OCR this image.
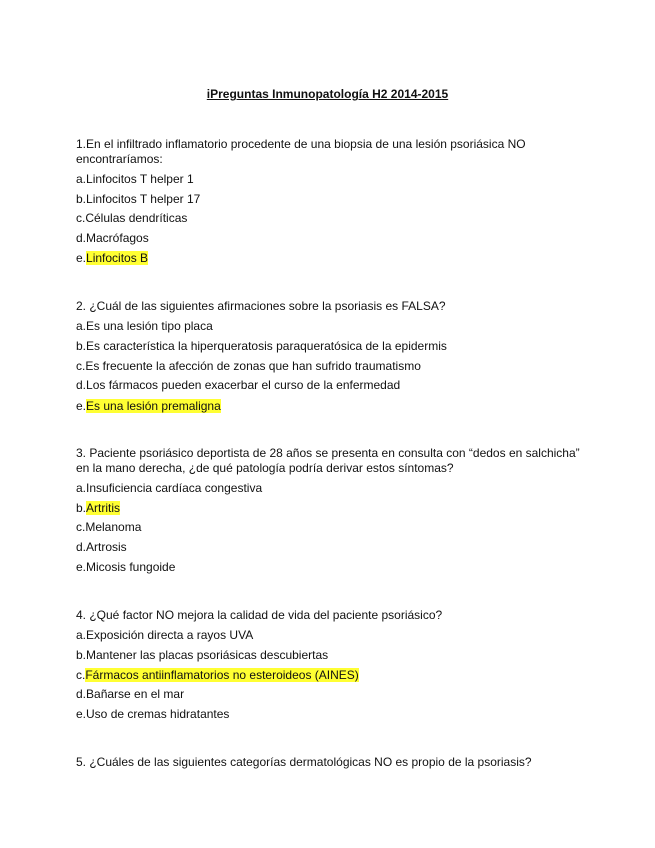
iPreguntas Inmunopatología H2 2014-2015
1.En el infiltrado inflamatorio procedente de una biopsia de una lesión psoriásica NO encontraríamos:
a.Linfocitos T helper 1
b.Linfocitos T helper 17
c.Células dendríticas
d.Macrófagos
e.Linfocitos B
2. ¿Cuál de las siguientes afirmaciones sobre la psoriasis es FALSA?
a.Es una lesión tipo placa
b.Es característica la hiperqueratosis paraqueratósica de la epidermis
c.Es frecuente la afección de zonas que han sufrido traumatismo
d.Los fármacos pueden exacerbar el curso de la enfermedad
e.Es una lesión premaligna
3. Paciente psoriásico deportista de 28 años se presenta en consulta con “dedos en salchicha” en la mano derecha, ¿de qué patología podría derivar estos síntomas?
a.Insuficiencia cardíaca congestiva
b.Artritis
c.Melanoma
d.Artrosis
e.Micosis fungoide
4. ¿Qué factor NO mejora la calidad de vida del paciente psoriásico?
a.Exposición directa a rayos UVA
b.Mantener las placas psoriásicas descubiertas
c.Fármacos antiinflamatorios no esteroideos (AINES)
d.Bañarse en el mar
e.Uso de cremas hidratantes
5. ¿Cuáles de las siguientes categorías dermatológicas NO es propio de la psoriasis?
